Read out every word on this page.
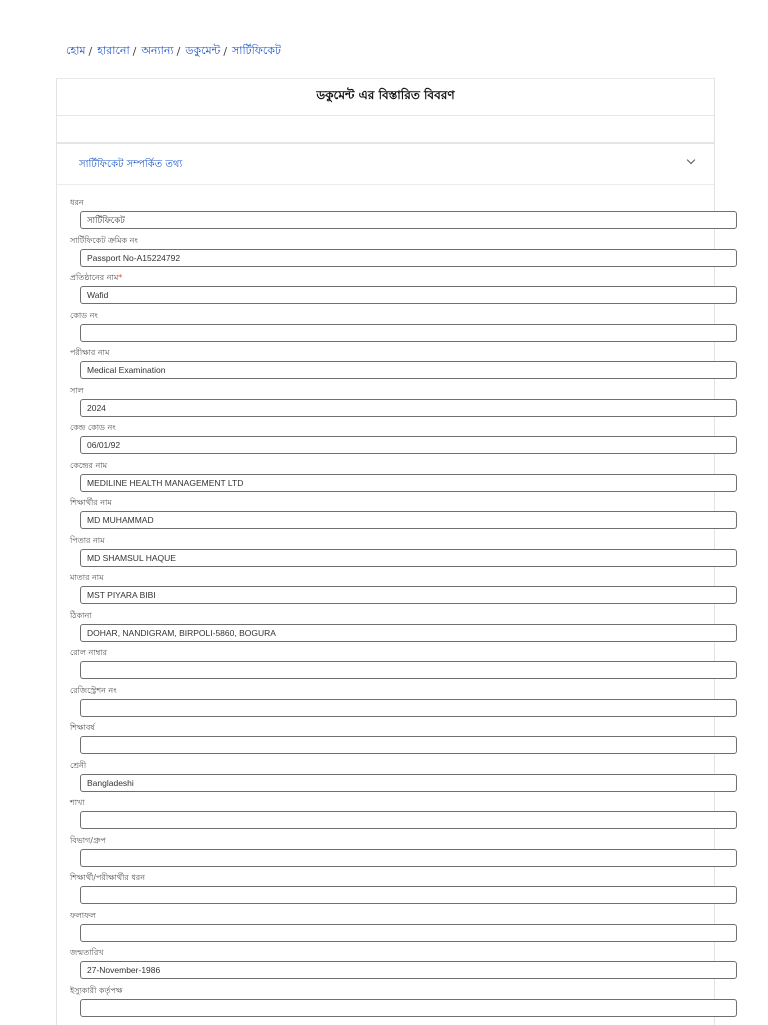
হোম / হারানো / অন্যান্য / ডকুমেন্ট / সার্টিফিকেট
ডকুমেন্ট এর বিস্তারিত বিবরণ
সার্টিফিকেট সম্পর্কিত তথ্য
ধরন
সার্টিফিকেট
সার্টিফিকেট ক্রমিক নং
Passport No-A15224792
প্রতিষ্ঠানের নাম*
Wafid
কোড নং
পরীক্ষার নাম
Medical Examination
সাল
2024
কেন্দ্র কোড নং
06/01/92
কেন্দ্রের নাম
MEDILINE HEALTH MANAGEMENT LTD
শিক্ষার্থীর নাম
MD MUHAMMAD
পিতার নাম
MD SHAMSUL HAQUE
মাতার নাম
MST PIYARA BIBI
ঠিকানা
DOHAR, NANDIGRAM, BIRPOLI-5860, BOGURA
রোল নাম্বার
রেজিস্ট্রেশন নং
শিক্ষাবর্ষ
শ্রেনী
Bangladeshi
শাখা
বিভাগ/গ্রুপ
শিক্ষার্থী/পরীক্ষার্থীর ধরন
ফলাফল
জন্মতারিখ
27-November-1986
ইস্যুকারী কর্তৃপক্ষ
